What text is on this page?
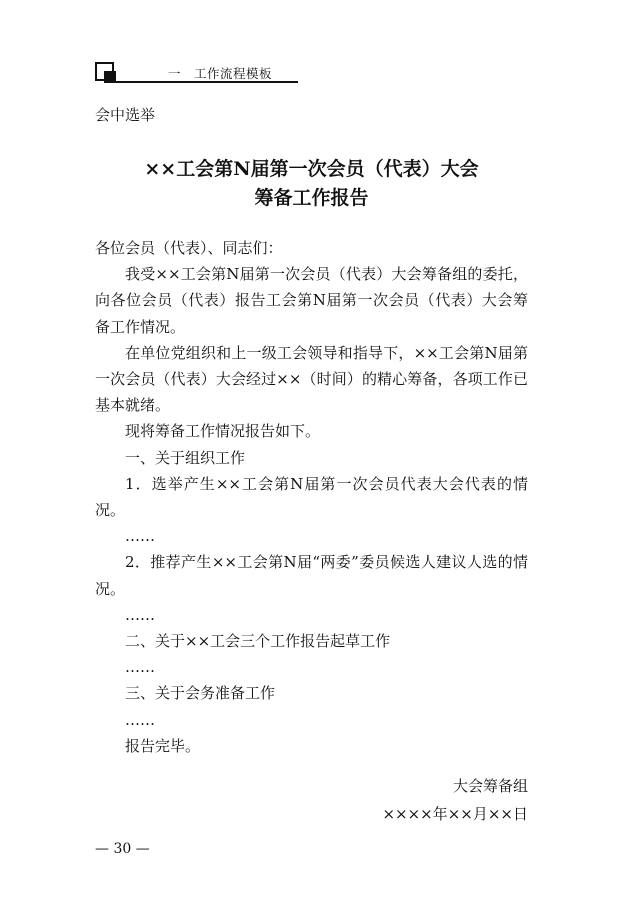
一　工作流程模板
会中选举
××工会第N届第一次会员（代表）大会
筹备工作报告

各位会员（代表）、同志们：

我受××工会第N届第一次会员（代表）大会筹备组的委托，向各位会员（代表）报告工会第N届第一次会员（代表）大会筹备工作情况。

在单位党组织和上一级工会领导和指导下，××工会第N届第一次会员（代表）大会经过××（时间）的精心筹备，各项工作已基本就绪。

现将筹备工作情况报告如下。

一、关于组织工作

1．选举产生××工会第N届第一次会员代表大会代表的情况。

……

2．推荐产生××工会第N届“两委”委员候选人建议人选的情况。

……

二、关于××工会三个工作报告起草工作

……

三、关于会务准备工作

……

报告完毕。

大会筹备组
××××年××月××日
— 30 —
